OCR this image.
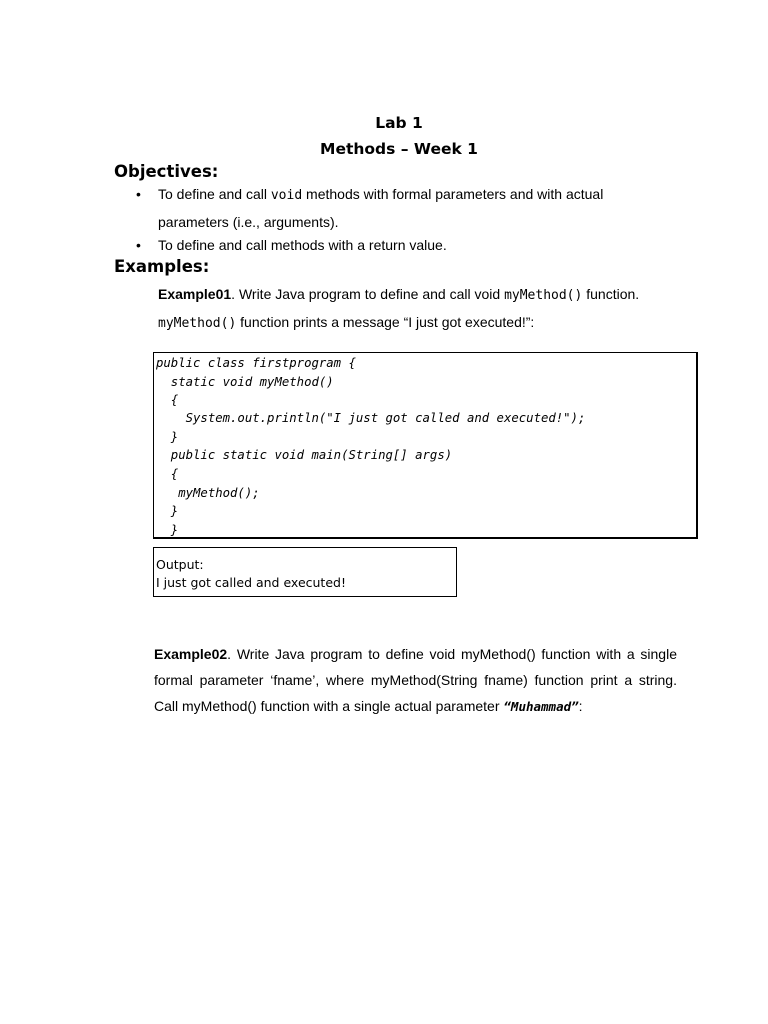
Lab 1
Methods – Week 1
Objectives:
• To define and call void methods with formal parameters and with actual parameters (i.e., arguments).
• To define and call methods with a return value.
Examples:
Example01. Write Java program to define and call void myMethod() function.
myMethod() function prints a message “I just got executed!”:

public class firstprogram {

static void myMethod()

{

System.out.println("I just got called and executed!");

}

public static void main(String[] args)

{

myMethod();

}

}

Output:
I just got called and executed!
Example02. Write Java program to define void myMethod() function with a single formal parameter ‘fname’, where myMethod(String fname) function print a string. Call myMethod() function with a single actual parameter “Muhammad”:
